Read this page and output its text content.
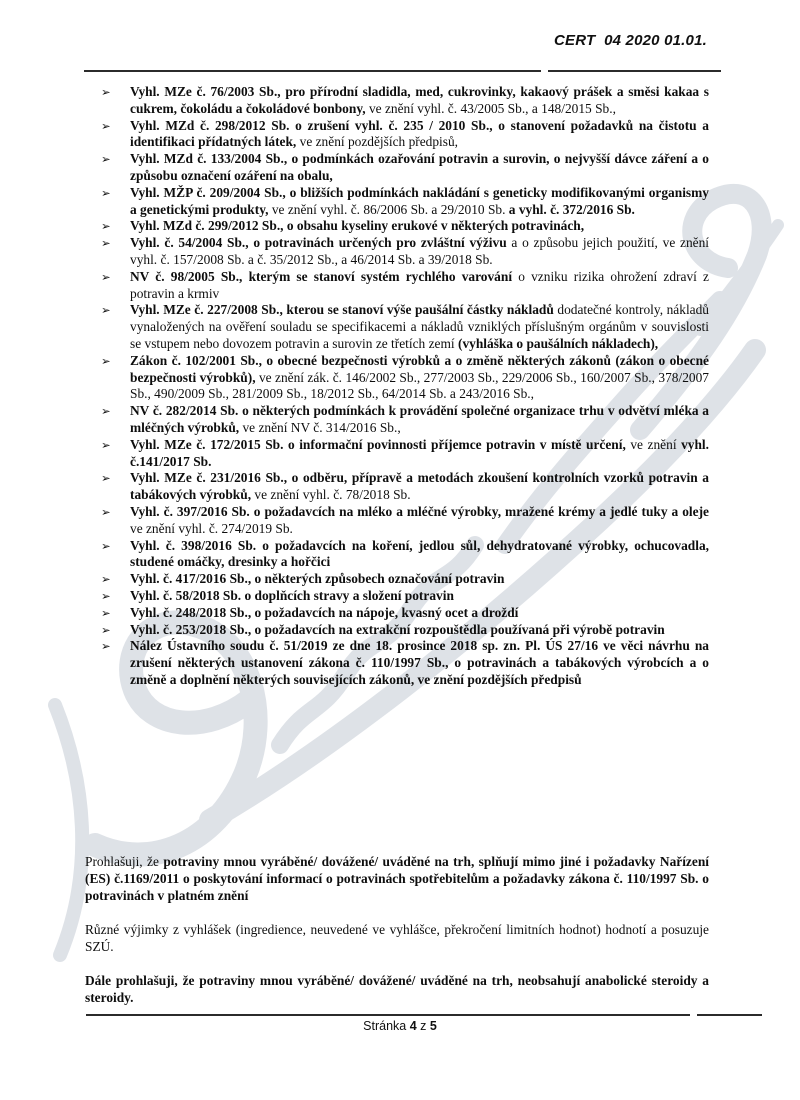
CERT  04 2020 01.01.
➢ Vyhl. MZe č. 76/2003 Sb., pro přírodní sladidla, med, cukrovinky, kakaový prášek a směsi kakaa s cukrem, čokoládu a čokoládové bonbony, ve znění vyhl. č. 43/2005 Sb., a 148/2015 Sb.,
➢ Vyhl. MZd č. 298/2012 Sb. o zrušení vyhl. č. 235 / 2010 Sb., o stanovení požadavků na čistotu a identifikaci přídatných látek, ve znění pozdějších předpisů,
➢ Vyhl. MZd č. 133/2004 Sb., o podmínkách ozařování potravin a surovin, o nejvyšší dávce záření a o způsobu označení ozáření na obalu,
➢ Vyhl. MŽP č. 209/2004 Sb., o bližších podmínkách nakládání s geneticky modifikovanými organismy a genetickými produkty, ve znění vyhl. č. 86/2006 Sb. a 29/2010 Sb. a vyhl. č. 372/2016 Sb.
➢ Vyhl. MZd č. 299/2012 Sb., o obsahu kyseliny erukové v některých potravinách,
➢ Vyhl. č. 54/2004 Sb., o potravinách určených pro zvláštní výživu a o způsobu jejich použití, ve znění vyhl. č. 157/2008 Sb. a č. 35/2012 Sb., a 46/2014 Sb. a 39/2018 Sb.
➢ NV č. 98/2005 Sb., kterým se stanoví systém rychlého varování o vzniku rizika ohrožení zdraví z potravin a krmiv
➢ Vyhl. MZe č. 227/2008 Sb., kterou se stanoví výše paušální částky nákladů dodatečné kontroly, nákladů vynaložených na ověření souladu se specifikacemi a nákladů vzniklých příslušným orgánům v souvislosti se vstupem nebo dovozem potravin a surovin ze třetích zemí (vyhláška o paušálních nákladech),
➢ Zákon č. 102/2001 Sb., o obecné bezpečnosti výrobků a o změně některých zákonů (zákon o obecné bezpečnosti výrobků), ve znění zák. č. 146/2002 Sb., 277/2003 Sb., 229/2006 Sb., 160/2007 Sb., 378/2007 Sb., 490/2009 Sb., 281/2009 Sb., 18/2012 Sb., 64/2014 Sb. a 243/2016 Sb.,
➢ NV č. 282/2014 Sb. o některých podmínkách k provádění společné organizace trhu v odvětví mléka a mléčných výrobků, ve znění NV č. 314/2016 Sb.,
➢ Vyhl. MZe č. 172/2015 Sb. o informační povinnosti příjemce potravin v místě určení, ve znění vyhl. č.141/2017 Sb.
➢ Vyhl. MZe č. 231/2016 Sb., o odběru, přípravě a metodách zkoušení kontrolních vzorků potravin a tabákových výrobků, ve znění vyhl. č. 78/2018 Sb.
➢ Vyhl. č. 397/2016 Sb. o požadavcích na mléko a mléčné výrobky, mražené krémy a jedlé tuky a oleje ve znění vyhl. č. 274/2019 Sb.
➢ Vyhl. č. 398/2016 Sb. o požadavcích na koření, jedlou sůl, dehydratované výrobky, ochucovadla, studené omáčky, dresinky a hořčici
➢ Vyhl. č. 417/2016 Sb., o některých způsobech označování potravin
➢ Vyhl. č. 58/2018 Sb. o doplňcích stravy a složení potravin
➢ Vyhl. č. 248/2018 Sb., o požadavcích na nápoje, kvasný ocet a droždí
➢ Vyhl. č. 253/2018 Sb., o požadavcích na extrakční rozpouštědla používaná při výrobě potravin
➢ Nález Ústavního soudu č. 51/2019 ze dne 18. prosince 2018 sp. zn. Pl. ÚS 27/16 ve věci návrhu na zrušení některých ustanovení zákona č. 110/1997 Sb., o potravinách a tabákových výrobcích a o změně a doplnění některých souvisejících zákonů, ve znění pozdějších předpisů

Prohlašuji, že potraviny mnou vyráběné/ dovážené/ uváděné na trh, splňují mimo jiné i požadavky Nařízení (ES) č.1169/2011 o poskytování informací o potravinách spotřebitelům a požadavky zákona č. 110/1997 Sb. o potravinách v platném znění

Různé výjimky z vyhlášek (ingredience, neuvedené ve vyhlášce, překročení limitních hodnot) hodnotí a posuzuje SZÚ.

Dále prohlašuji, že potraviny mnou vyráběné/ dovážené/ uváděné na trh, neobsahují anabolické steroidy a steroidy.

Stránka 4 z 5
